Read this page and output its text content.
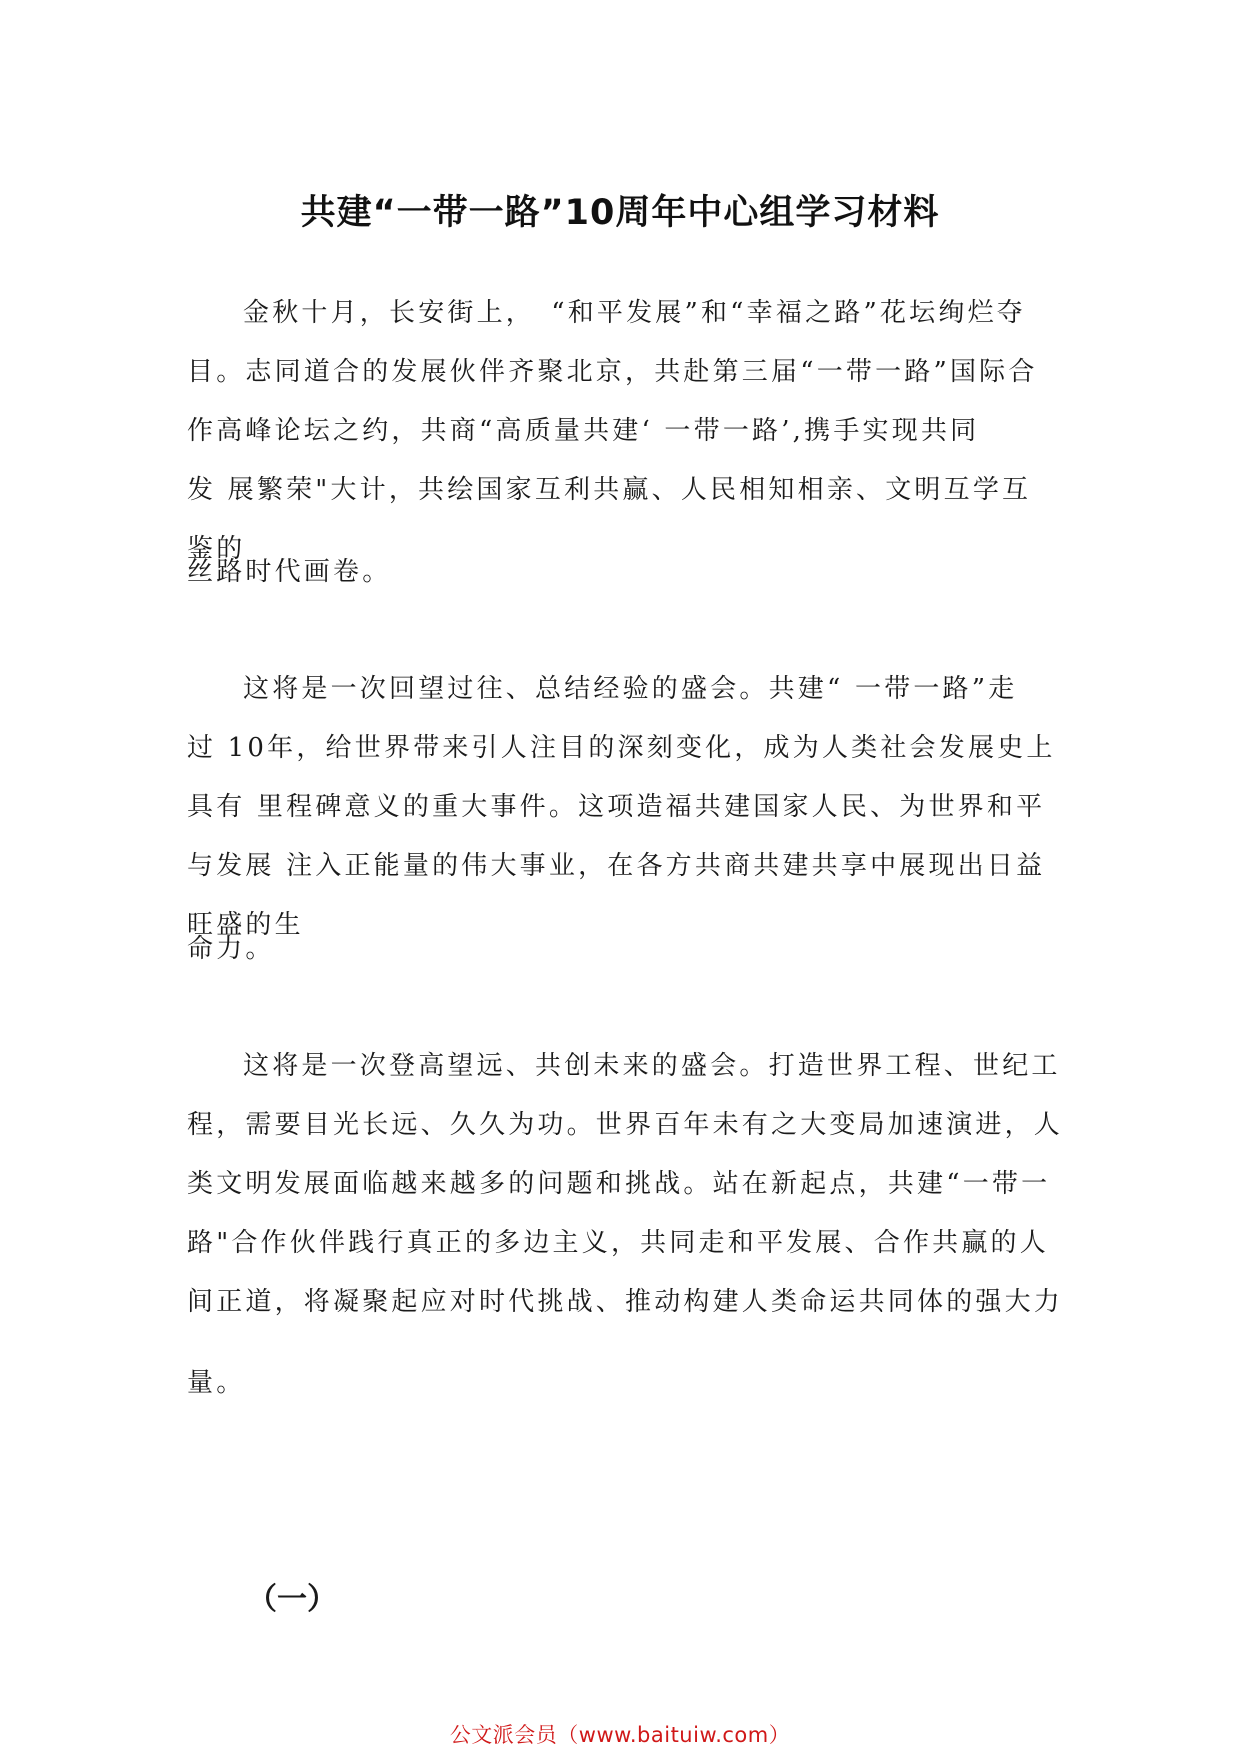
共建“一带一路”10周年中心组学习材料
金秋十月，长安街上，　“和平发展”和“幸福之路”花坛绚烂夺
目。志同道合的发展伙伴齐聚北京，共赴第三届“一带一路”国际合
作高峰论坛之约，共商“高质量共建‘ 一带一路’,携手实现共同
发 展繁荣"大计，共绘国家互利共赢、人民相知相亲、文明互学互
鉴的
丝路时代画卷。
这将是一次回望过往、总结经验的盛会。共建“ 一带一路”走
过 10年，给世界带来引人注目的深刻变化，成为人类社会发展史上
具有 里程碑意义的重大事件。这项造福共建国家人民、为世界和平
与发展 注入正能量的伟大事业，在各方共商共建共享中展现出日益
旺盛的生
命力。
这将是一次登高望远、共创未来的盛会。打造世界工程、世纪工
程，需要目光长远、久久为功。世界百年未有之大变局加速演进，人
类文明发展面临越来越多的问题和挑战。站在新起点，共建“一带一
路"合作伙伴践行真正的多边主义，共同走和平发展、合作共赢的人
间正道，将凝聚起应对时代挑战、推动构建人类命运共同体的强大力
量。
（一）
公文派会员（www.baituiw.com）
